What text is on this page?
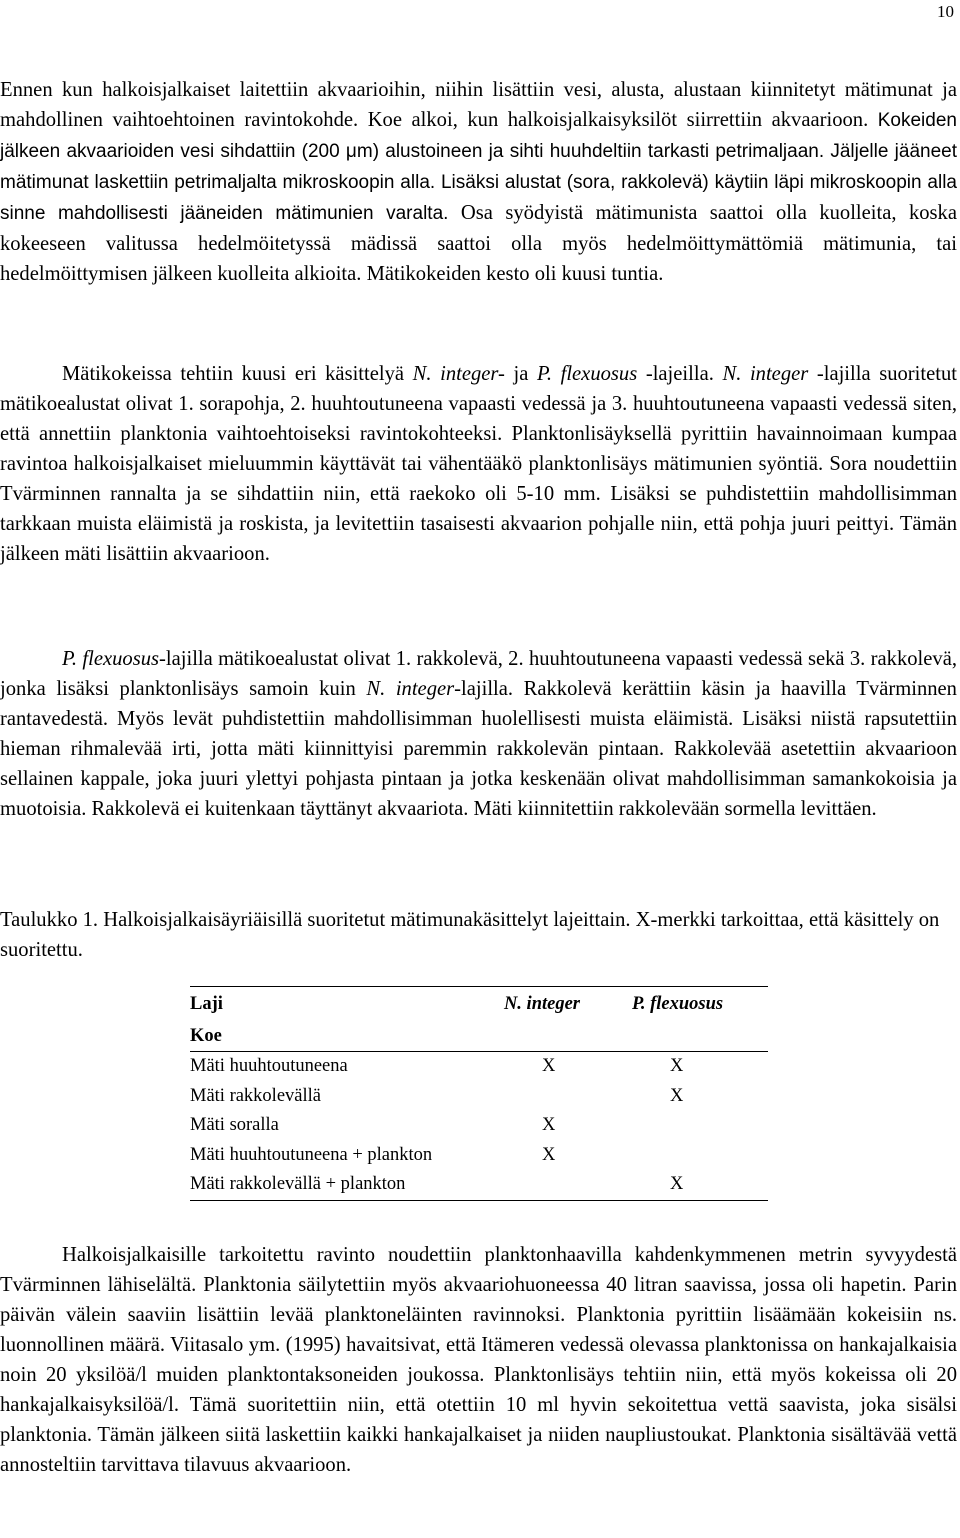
10

Ennen kun halkoisjalkaiset laitettiin akvaarioihin, niihin lisättiin vesi, alusta, alustaan kiinnitetyt mätimunat ja mahdollinen vaihtoehtoinen ravintokohde. Koe alkoi, kun halkoisjalkaisyksilöt siirrettiin akvaarioon. Kokeiden jälkeen akvaarioiden vesi sihdattiin (200 μm) alustoineen ja sihti huuhdeltiin tarkasti petrimaljaan. Jäljelle jääneet mätimunat laskettiin petrimaljalta mikroskoopin alla. Lisäksi alustat (sora, rakkolevä) käytiin läpi mikroskoopin alla sinne mahdollisesti jääneiden mätimunien varalta. Osa syödyistä mätimunista saattoi olla kuolleita, koska kokeeseen valitussa hedelmöitetyssä mädissä saattoi olla myös hedelmöittymättömiä mätimunia, tai hedelmöittymisen jälkeen kuolleita alkioita. Mätikokeiden kesto oli kuusi tuntia.

Mätikokeissa tehtiin kuusi eri käsittelyä N. integer- ja P. flexuosus -lajeilla. N. integer -lajilla suoritetut mätikoealustat olivat 1. sorapohja, 2. huuhtoutuneena vapaasti vedessä ja 3. huuhtoutuneena vapaasti vedessä siten, että annettiin planktonia vaihtoehtoiseksi ravintokohteeksi. Planktonlisäyksellä pyrittiin havainnoimaan kumpaa ravintoa halkoisjalkaiset mieluummin käyttävät tai vähentääkö planktonlisäys mätimunien syöntiä. Sora noudettiin Tvärminnen rannalta ja se sihdattiin niin, että raekoko oli 5-10 mm. Lisäksi se puhdistettiin mahdollisimman tarkkaan muista eläimistä ja roskista, ja levitettiin tasaisesti akvaarion pohjalle niin, että pohja juuri peittyi. Tämän jälkeen mäti lisättiin akvaarioon.

P. flexuosus-lajilla mätikoealustat olivat 1. rakkolevä, 2. huuhtoutuneena vapaasti vedessä sekä 3. rakkolevä, jonka lisäksi planktonlisäys samoin kuin N. integer-lajilla. Rakkolevä kerättiin käsin ja haavilla Tvärminnen rantavedestä. Myös levät puhdistettiin mahdollisimman huolellisesti muista eläimistä. Lisäksi niistä rapsutettiin hieman rihmalevää irti, jotta mäti kiinnittyisi paremmin rakkolevän pintaan. Rakkolevää asetettiin akvaarioon sellainen kappale, joka juuri ylettyi pohjasta pintaan ja jotka keskenään olivat mahdollisimman samankokoisia ja muotoisia. Rakkolevä ei kuitenkaan täyttänyt akvaariota. Mäti kiinnitettiin rakkolevään sormella levittäen.

Taulukko 1. Halkoisjalkaisäyriäisillä suoritetut mätimunakäsittelyt lajeittain. X-merkki tarkoittaa, että käsittely on suoritettu.

Laji	N. integer	P. flexuosus
Koe		
Mäti huuhtoutuneena	X	X
Mäti rakkolevällä		X
Mäti soralla	X	
Mäti huuhtoutuneena + plankton	X	
Mäti rakkolevällä + plankton		X

Halkoisjalkaisille tarkoitettu ravinto noudettiin planktonhaavilla kahdenkymmenen metrin syvyydestä Tvärminnen lähiselältä. Planktonia säilytettiin myös akvaariohuoneessa 40 litran saavissa, jossa oli hapetin. Parin päivän välein saaviin lisättiin levää planktoneläinten ravinnoksi. Planktonia pyrittiin lisäämään kokeisiin ns. luonnollinen määrä. Viitasalo ym. (1995) havaitsivat, että Itämeren vedessä olevassa planktonissa on hankajalkaisia noin 20 yksilöä/l muiden planktontaksoneiden joukossa. Planktonlisäys tehtiin niin, että myös kokeissa oli 20 hankajalkaisyksilöä/l. Tämä suoritettiin niin, että otettiin 10 ml hyvin sekoitettua vettä saavista, joka sisälsi planktonia. Tämän jälkeen siitä laskettiin kaikki hankajalkaiset ja niiden naupliustoukat. Planktonia sisältävää vettä annosteltiin tarvittava tilavuus akvaarioon.
